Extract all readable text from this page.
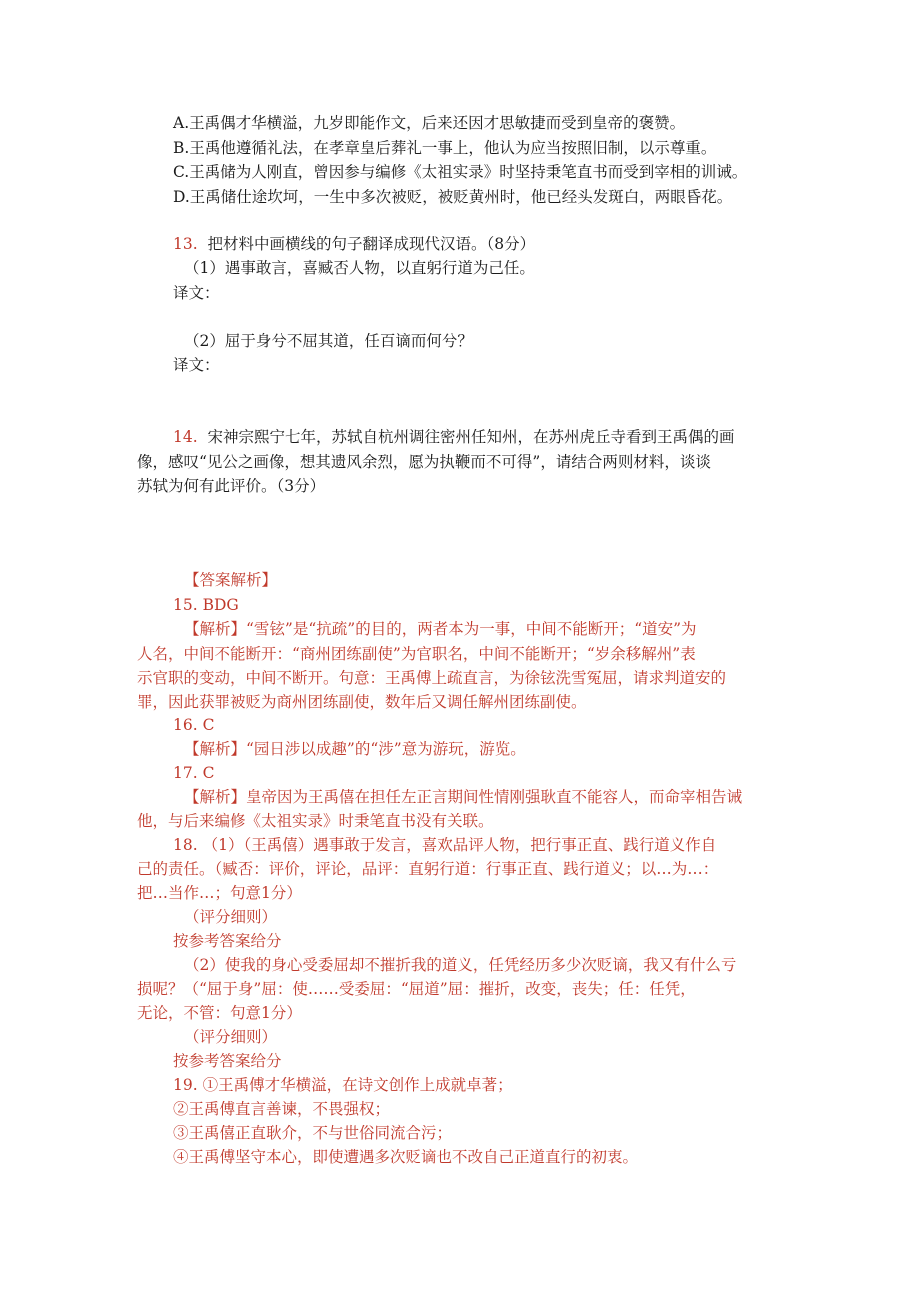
A.王禹偶才华横溢，九岁即能作文，后来还因才思敏捷而受到皇帝的褒赞。
B.王禹他遵循礼法，在孝章皇后葬礼一事上，他认为应当按照旧制，以示尊重。
C.王禹储为人刚直，曾因参与编修《太祖实录》时坚持秉笔直书而受到宰相的训诫。
D.王禹储仕途坎坷，一生中多次被贬，被贬黄州时，他已经头发斑白，两眼昏花。
13. 把材料中画横线的句子翻译成现代汉语。（8分）
（1）遇事敢言，喜臧否人物，以直躬行道为己任。
译文：
（2）屈于身兮不屈其道，任百谪而何兮？
译文：
14. 宋神宗熙宁七年，苏轼自杭州调往密州任知州，在苏州虎丘寺看到王禹偶的画
像，感叹“见公之画像，想其遗风余烈，愿为执鞭而不可得”，请结合两则材料，谈谈
苏轼为何有此评价。（3分）
【答案解析】
15. BDG
【解析】“雪铉”是“抗疏”的目的，两者本为一事，中间不能断开；“道安”为
人名，中间不能断开：“商州团练副使”为官职名，中间不能断开；“岁余移解州”表
示官职的变动，中间不断开。句意：王禹傅上疏直言，为徐铉洗雪冤屈，请求判道安的
罪，因此获罪被贬为商州团练副使，数年后又调任解州团练副使。
16. C
【解析】“园日涉以成趣”的“涉”意为游玩，游览。
17. C
【解析】皇帝因为王禹僖在担任左正言期间性情刚强耿直不能容人，而命宰相告诫
他，与后来编修《太祖实录》时秉笔直书没有关联。
18. （1）（王禹僖）遇事敢于发言，喜欢品评人物，把行事正直、践行道义作自
己的责任。（臧否：评价，评论，品评：直躬行道：行事正直、践行道义；以…为…：
把…当作…；句意1分）
（评分细则）
按参考答案给分
（2）使我的身心受委屈却不摧折我的道义，任凭经历多少次贬谪，我又有什么亏
损呢？（“屈于身”屈：使……受委屈：“屈道”屈：摧折，改变，丧失；任：任凭，
无论，不管：句意1分）
（评分细则）
按参考答案给分
19. ①王禹傅才华横溢，在诗文创作上成就卓著；
②王禹傅直言善谏，不畏强权；
③王禹僖正直耿介，不与世俗同流合污；
④王禹傅坚守本心，即使遭遇多次贬谪也不改自己正道直行的初衷。
